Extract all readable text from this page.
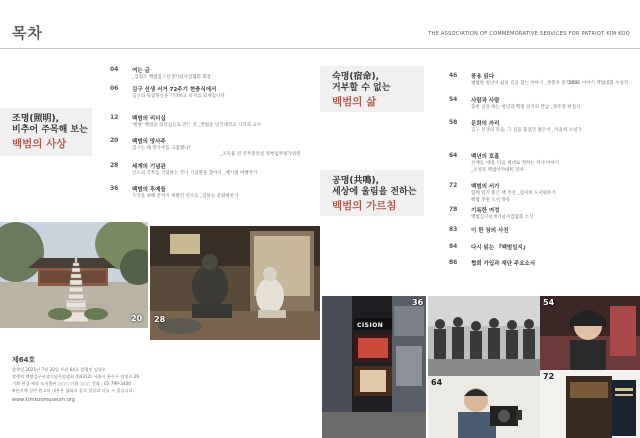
목차	THE ASSOCIATION OF COMMEMORATIVE SERVICES FOR PATRIOT KIM KOO
조명(照明),
비추어 주목해 보는
백범의 사상
04 여는 글
_김형오 백범김구선생기념사업협회 회장
06 김구 선생 서거 72주기 현충식에서
김구의 독립정신을 기억하고 유지를 되새깁니다
12 백범의 리더십
'변방' 백범을 리더십으로 만든 것 _박범준 단국대학교 사학과 교수
20 백범의 망사주
김구는 왜 망사주를 고집했나?
_조득용 전 국무총리실 정부업무평가위원
28 세계의 기념관
인도의 국부를 기념하는 간디 기념관을 찾아서 _배기범 여행작가
36 백범의 후예들
조국을 위해 끝까지 싸웠던 선조들 _김하늘 문화평론가
숙명(宿命),
거부할 수 없는
백범의 삶
공명(共鳴),
세상에 울림을 전하는
백범의 가르침
46 풍용 읽다
평범한 청년이 삶의 길을 찾는 이야기 _정봉우 문학박사
2021 이야기 백범대회 수상작
54 사람과 사람
출판 일을 하는 청년과 백범 일지의 만남 _정주영 편집자
58 문화의 자리
김구 선생의 뜻을, 그 길을 품었던 젊은이 _이윤희 소설가
64 백년의 호흡
선배들 세대, 다음 세대로 전하는 역사 이야기
_조영호 백범아카데미 강사
72 백범의 서가
함께 읽기 좋은 책 추천 _김미희 도서평론가
백범 추천 도서 목록
78 기록한 여정
백범김구선생기념사업협회 소식
83 이 한 장의 사진
84 다시 읽는 『백범일지』
86 협회 가입과 재단 주요소식
20 28
CISION
36	54
64
72
제64호
발행일 2021년 7월 20일 통권 64호 발행인 김형오
발행처 백범김구선생기념사업협회 (04312) 서울시 용산구 임정로 26
기획·편집·제작 도서출판 ○○○ 인쇄 ○○○ 전화 : 02-799-3400
※본지에 실린 원고의 내용은 협회의 공식 입장과 다를 수 있습니다.
www.kimkoomuseum.org
